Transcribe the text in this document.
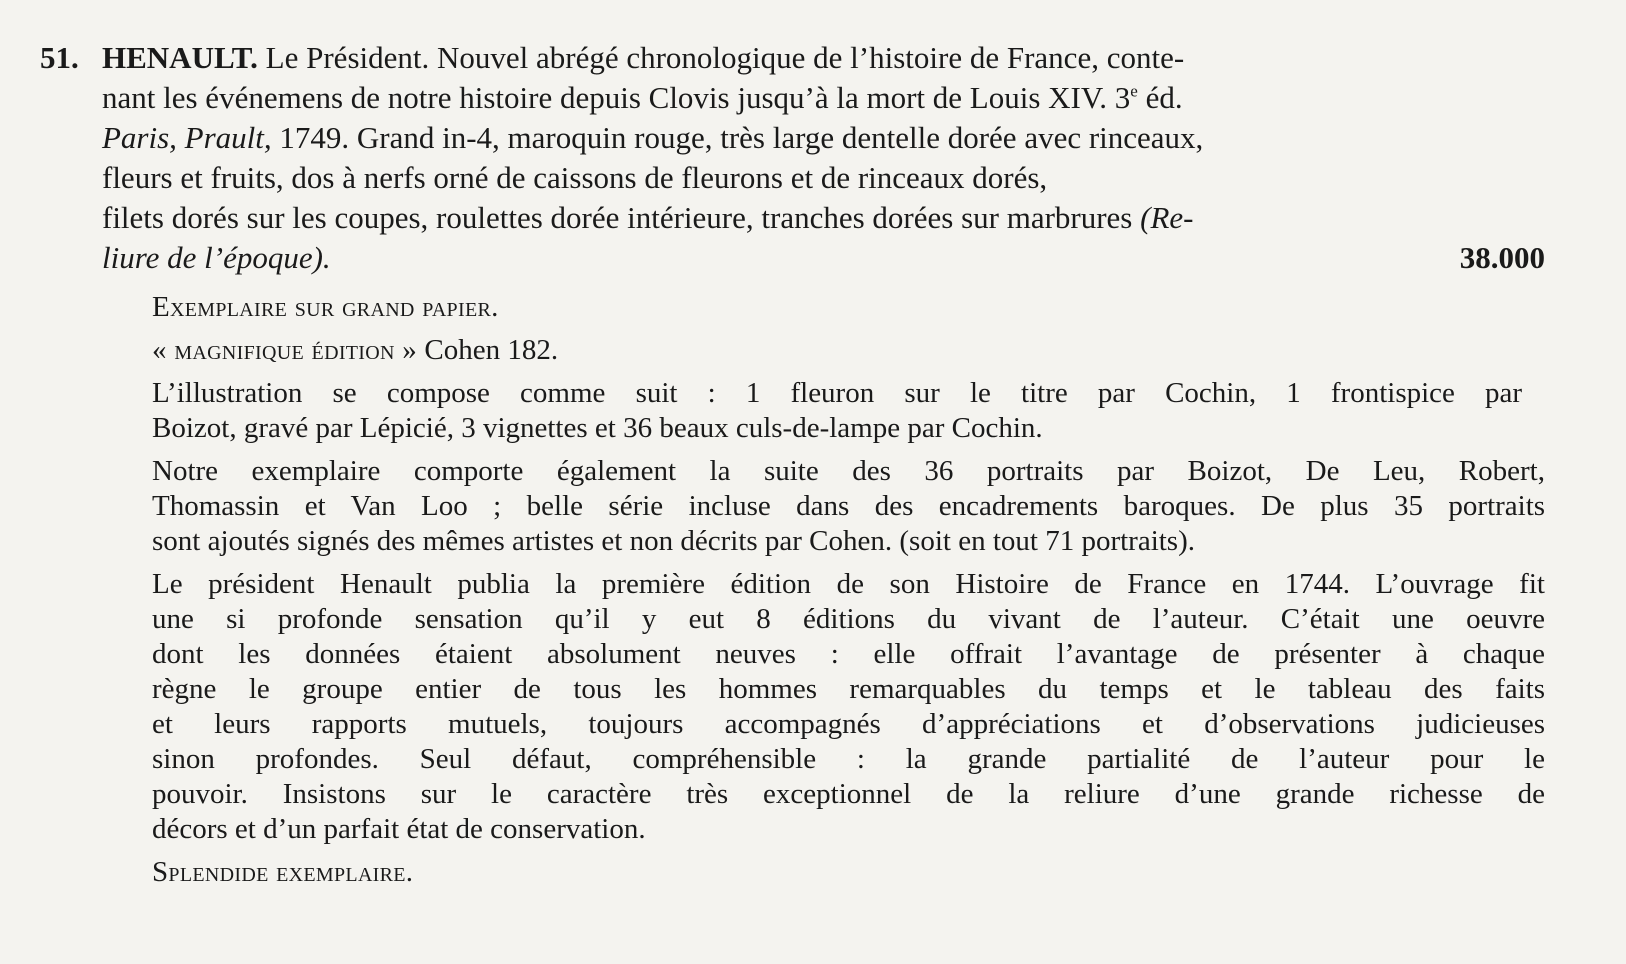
51. HENAULT. Le Président. Nouvel abrégé chronologique de l’histoire de France, conte-
nant les événemens de notre histoire depuis Clovis jusqu’à la mort de Louis XIV. 3e éd.
Paris, Prault, 1749. Grand in-4, maroquin rouge, très large dentelle dorée avec rinceaux,
fleurs et fruits, dos à nerfs orné de caissons de fleurons et de rinceaux dorés,
filets dorés sur les coupes, roulettes dorée intérieure, tranches dorées sur marbrures (Re-
liure de l’époque).	38.000

Exemplaire sur grand papier.

« magnifique édition » Cohen 182.

L’illustration se compose comme suit : 1 fleuron sur le titre par Cochin, 1 frontispice par
Boizot, gravé par Lépicié, 3 vignettes et 36 beaux culs-de-lampe par Cochin.

Notre exemplaire comporte également la suite des 36 portraits par Boizot, De Leu, Robert,
Thomassin et Van Loo ; belle série incluse dans des encadrements baroques. De plus 35 portraits
sont ajoutés signés des mêmes artistes et non décrits par Cohen. (soit en tout 71 portraits).

Le président Henault publia la première édition de son Histoire de France en 1744. L’ouvrage fit
une si profonde sensation qu’il y eut 8 éditions du vivant de l’auteur. C’était une oeuvre
dont les données étaient absolument neuves : elle offrait l’avantage de présenter à chaque
règne le groupe entier de tous les hommes remarquables du temps et le tableau des faits
et leurs rapports mutuels, toujours accompagnés d’appréciations et d’observations judicieuses
sinon profondes. Seul défaut, compréhensible : la grande partialité de l’auteur pour le
pouvoir. Insistons sur le caractère très exceptionnel de la reliure d’une grande richesse de
décors et d’un parfait état de conservation.

Splendide exemplaire.
